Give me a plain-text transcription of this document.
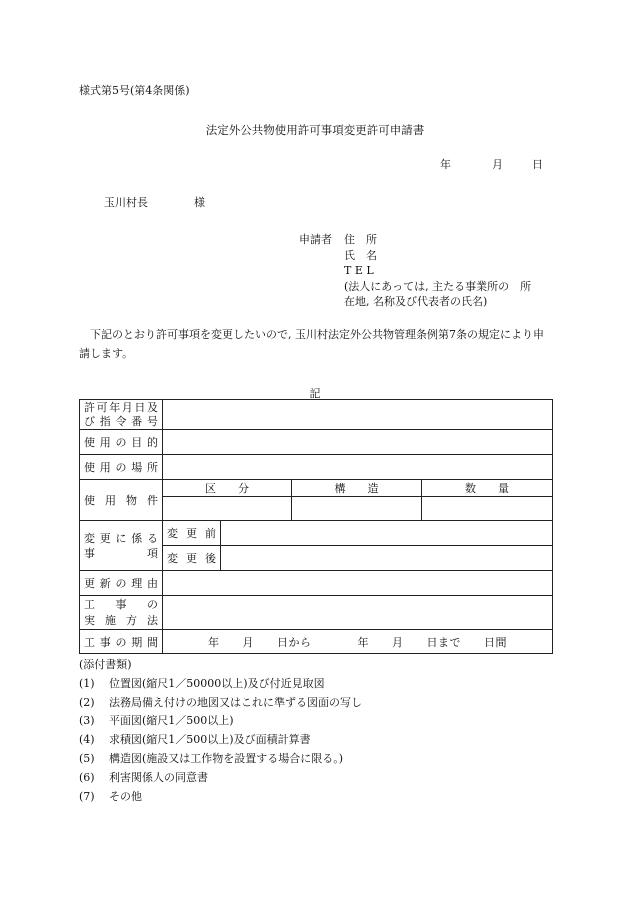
様式第5号(第4条関係)
法定外公共物使用許可事項変更許可申請書
年	月	日
玉川村長	様
申請者 住　所
氏　名
T E L
(法人にあっては, 主たる事業所の　所
在地, 名称及び代表者の氏名)
下記のとおり許可事項を変更したいので, 玉川村法定外公共物管理条例第7条の規定により申請します。
記
許可年月日及
び指令番号				

使用の目的				
使用の場所				
使用物件	区　　分		構　　造	数　　量

変更に係る
事　項	変更前			
	変更後			
更新の理由				

工　事　の
実施方法				

工事の期間	年　　月　　日から　　　　年　　月　　日まで　　日間			
(添付書類)
(1) 位置図(縮尺1／50000以上)及び付近見取図
(2) 法務局備え付けの地図又はこれに準ずる図面の写し
(3) 平面図(縮尺1／500以上)
(4) 求積図(縮尺1／500以上)及び面積計算書
(5) 構造図(施設又は工作物を設置する場合に限る。)
(6) 利害関係人の同意書
(7) その他
